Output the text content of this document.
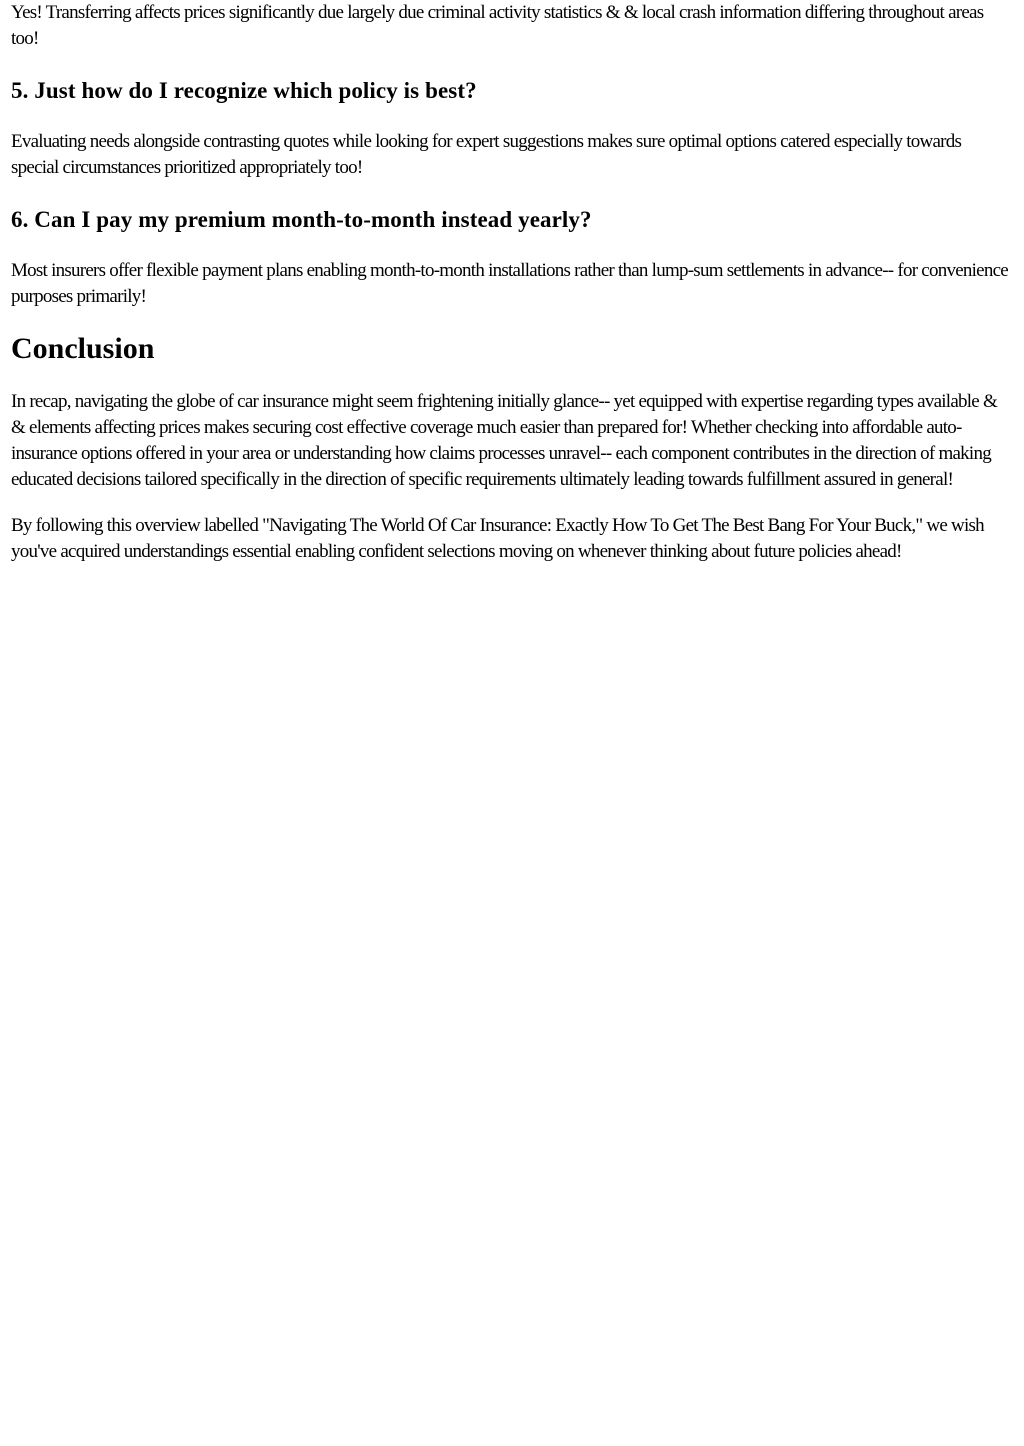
Yes! Transferring affects prices significantly due largely due criminal activity statistics & & local crash information differing throughout areas too!

5. Just how do I recognize which policy is best?

Evaluating needs alongside contrasting quotes while looking for expert suggestions makes sure optimal options catered especially towards special circumstances prioritized appropriately too!

6. Can I pay my premium month-to-month instead yearly?

Most insurers offer flexible payment plans enabling month-to-month installations rather than lump-sum settlements in advance-- for convenience purposes primarily!

Conclusion

In recap, navigating the globe of car insurance might seem frightening initially glance-- yet equipped with expertise regarding types available & & elements affecting prices makes securing cost effective coverage much easier than prepared for! Whether checking into affordable auto-insurance options offered in your area or understanding how claims processes unravel-- each component contributes in the direction of making educated decisions tailored specifically in the direction of specific requirements ultimately leading towards fulfillment assured in general!

By following this overview labelled "Navigating The World Of Car Insurance: Exactly How To Get The Best Bang For Your Buck," we wish you've acquired understandings essential enabling confident selections moving on whenever thinking about future policies ahead!
